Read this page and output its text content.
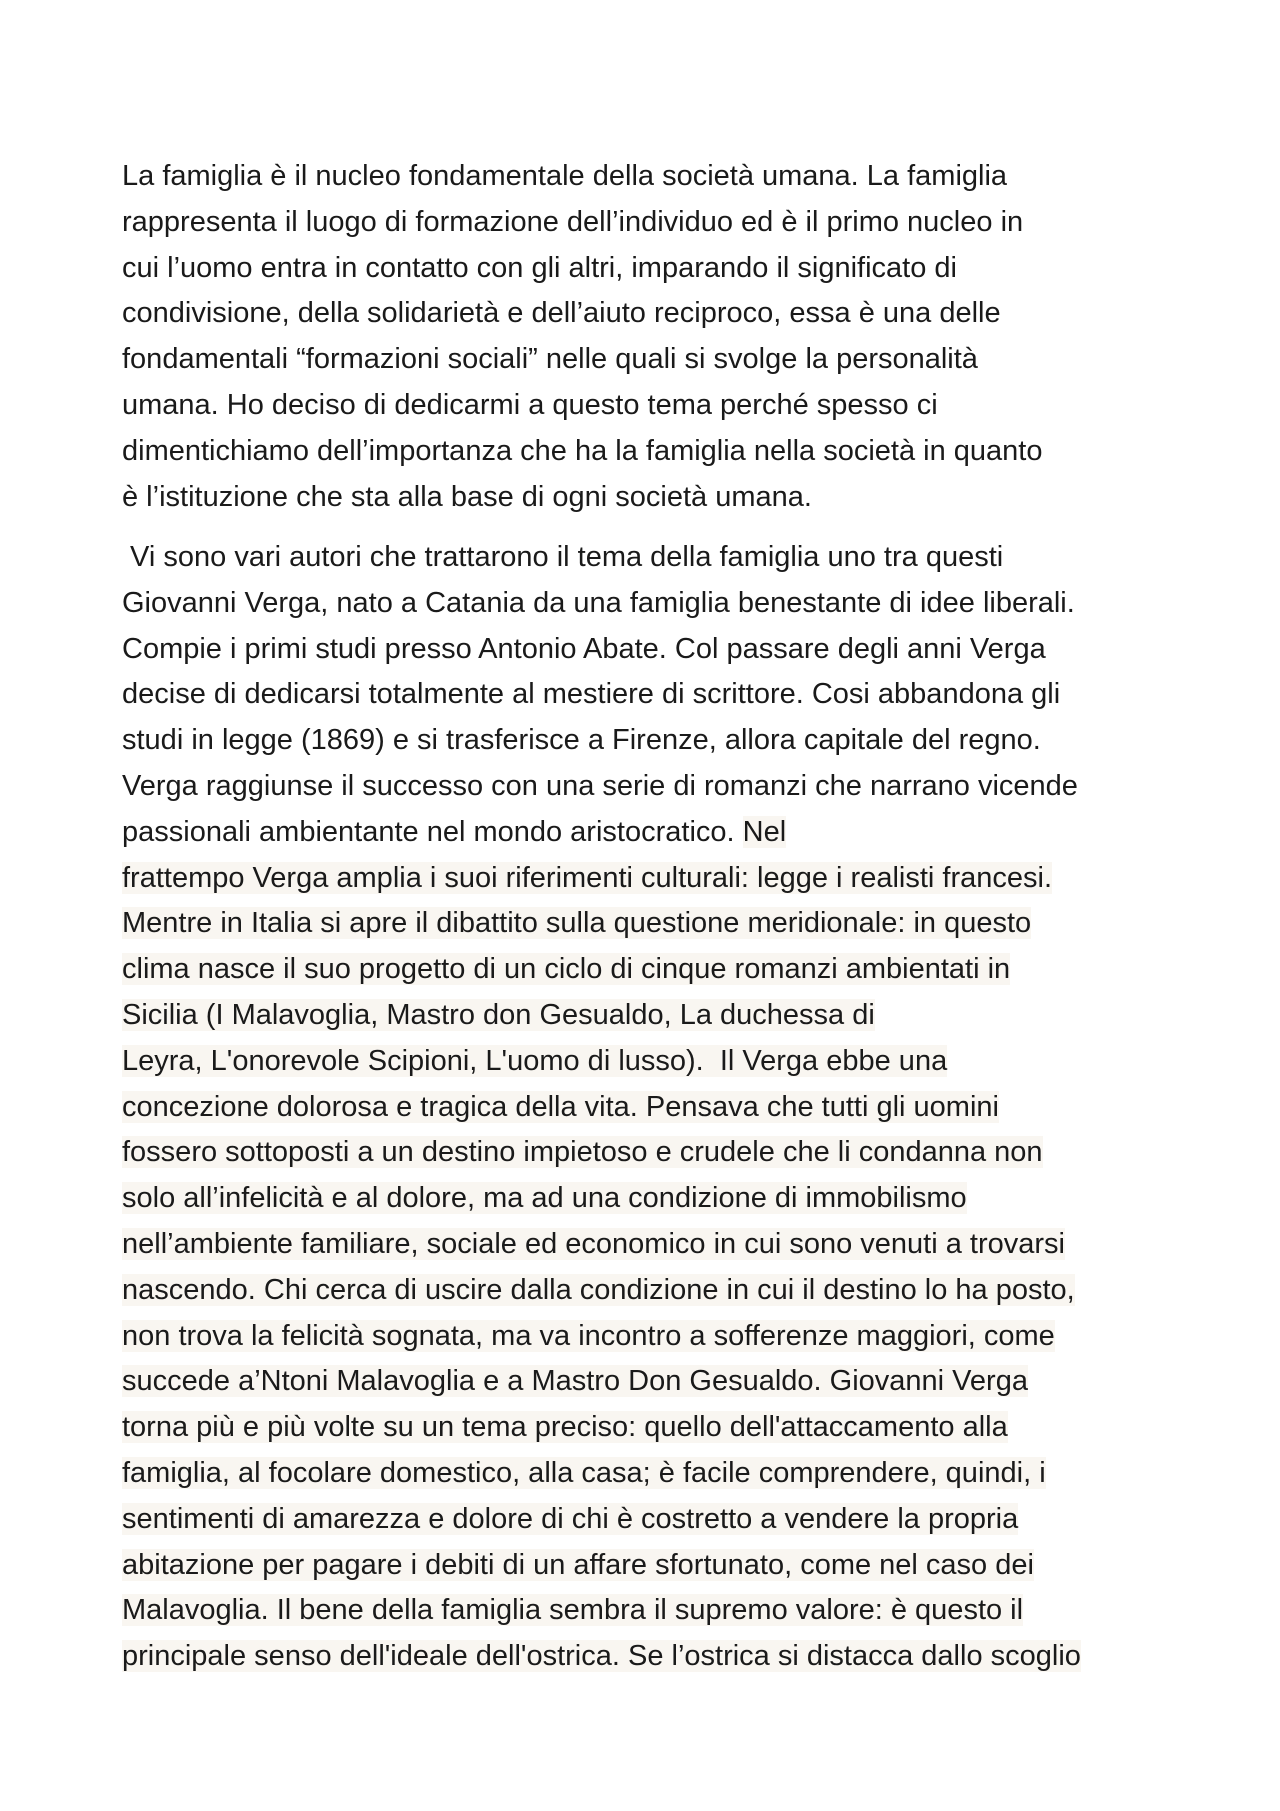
La famiglia è il nucleo fondamentale della società umana. La famiglia
rappresenta il luogo di formazione dell’individuo ed è il primo nucleo in
cui l’uomo entra in contatto con gli altri, imparando il significato di
condivisione, della solidarietà e dell’aiuto reciproco, essa è una delle
fondamentali “formazioni sociali” nelle quali si svolge la personalità
umana. Ho deciso di dedicarmi a questo tema perché spesso ci
dimentichiamo dell’importanza che ha la famiglia nella società in quanto
è l’istituzione che sta alla base di ogni società umana.
Vi sono vari autori che trattarono il tema della famiglia uno tra questi
Giovanni Verga, nato a Catania da una famiglia benestante di idee liberali.
Compie i primi studi presso Antonio Abate. Col passare degli anni Verga
decise di dedicarsi totalmente al mestiere di scrittore. Cosi abbandona gli
studi in legge (1869) e si trasferisce a Firenze, allora capitale del regno.
Verga raggiunse il successo con una serie di romanzi che narrano vicende
passionali ambientante nel mondo aristocratico. Nel
frattempo Verga amplia i suoi riferimenti culturali: legge i realisti francesi.
Mentre in Italia si apre il dibattito sulla questione meridionale: in questo
clima nasce il suo progetto di un ciclo di cinque romanzi ambientati in
Sicilia (I Malavoglia, Mastro don Gesualdo, La duchessa di
Leyra, L'onorevole Scipioni, L'uomo di lusso).  Il Verga ebbe una
concezione dolorosa e tragica della vita. Pensava che tutti gli uomini
fossero sottoposti a un destino impietoso e crudele che li condanna non
solo all’infelicità e al dolore, ma ad una condizione di immobilismo
nell’ambiente familiare, sociale ed economico in cui sono venuti a trovarsi
nascendo. Chi cerca di uscire dalla condizione in cui il destino lo ha posto,
non trova la felicità sognata, ma va incontro a sofferenze maggiori, come
succede a’Ntoni Malavoglia e a Mastro Don Gesualdo. Giovanni Verga
torna più e più volte su un tema preciso: quello dell'attaccamento alla
famiglia, al focolare domestico, alla casa; è facile comprendere, quindi, i
sentimenti di amarezza e dolore di chi è costretto a vendere la propria
abitazione per pagare i debiti di un affare sfortunato, come nel caso dei
Malavoglia. Il bene della famiglia sembra il supremo valore: è questo il
principale senso dell'ideale dell'ostrica. Se l’ostrica si distacca dallo scoglio
